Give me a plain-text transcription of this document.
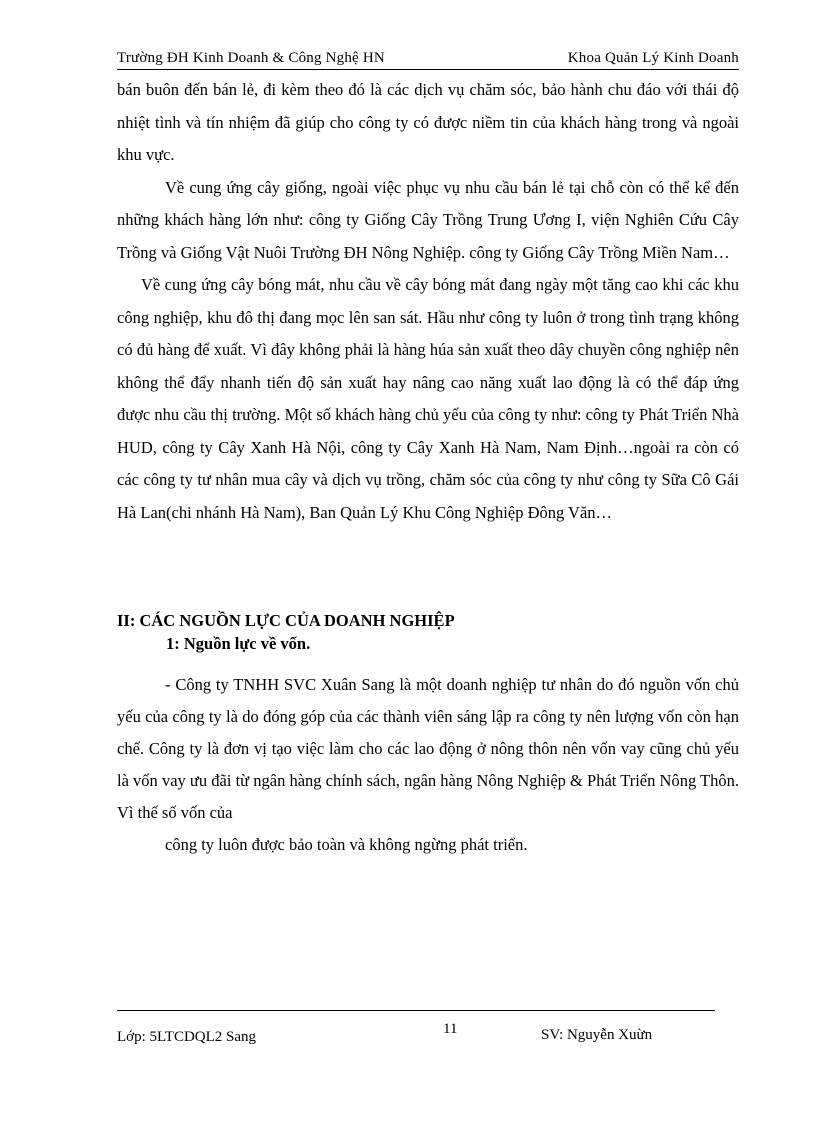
Trường ĐH Kinh Doanh & Công Nghệ HN	Khoa Quản Lý Kinh Doanh

bán buôn đến bán lẻ, đi kèm theo đó là các dịch vụ chăm sóc, bảo hành chu đáo với thái độ nhiệt tình và tín nhiệm đã giúp cho công ty có được niềm tin của khách hàng trong và ngoài khu vực.

Về cung ứng cây giống, ngoài việc phục vụ nhu cầu bán lẻ tại chỗ còn có thể kể đến những khách hàng lớn như: công ty Giống Cây Trồng Trung Ương I, viện Nghiên Cứu Cây Trồng và Giống Vật Nuôi Trường ĐH Nông Nghiệp. công ty Giống Cây Trồng Miền Nam…

Về cung ứng cây bóng mát, nhu cầu về cây bóng mát đang ngày một tăng cao khi các khu công nghiệp, khu đô thị đang mọc lên san sát. Hầu như công ty luôn ở trong tình trạng không có đủ hàng để xuất. Vì đây không phải là hàng húa sản xuất theo dây chuyền công nghiệp nên không thể đẩy nhanh tiến độ sản xuất hay nâng cao năng xuất lao động là có thể đáp ứng được nhu cầu thị trường. Một số khách hàng chủ yếu của công ty như: công ty Phát Triển Nhà HUD, công ty Cây Xanh Hà Nội, công ty Cây Xanh Hà Nam, Nam Định…ngoài ra còn có các công ty tư nhân mua cây và dịch vụ trồng, chăm sóc của công ty như công ty Sữa Cô Gái Hà Lan(chi nhánh Hà Nam), Ban Quản Lý Khu Công Nghiệp Đông Văn…

II: CÁC NGUỒN LỰC CỦA DOANH NGHIỆP
1: Nguồn lực về vốn.

- Công ty TNHH SVC Xuân Sang là một doanh nghiệp tư nhân do đó nguồn vốn chủ yếu của công ty là do đóng góp của các thành viên sáng lập ra công ty nên lượng vốn còn hạn chế. Công ty là đơn vị tạo việc làm cho các lao động ở nông thôn nên vốn vay cũng chủ yếu là vốn vay ưu đãi từ ngân hàng chính sách, ngân hàng Nông Nghiệp & Phát Triển Nông Thôn. Vì thế số vốn của

công ty luôn được bảo toàn và không ngừng phát triển.

Lớp: 5LTCDQL2 Sang	11	SV: Nguyễn Xuừn
